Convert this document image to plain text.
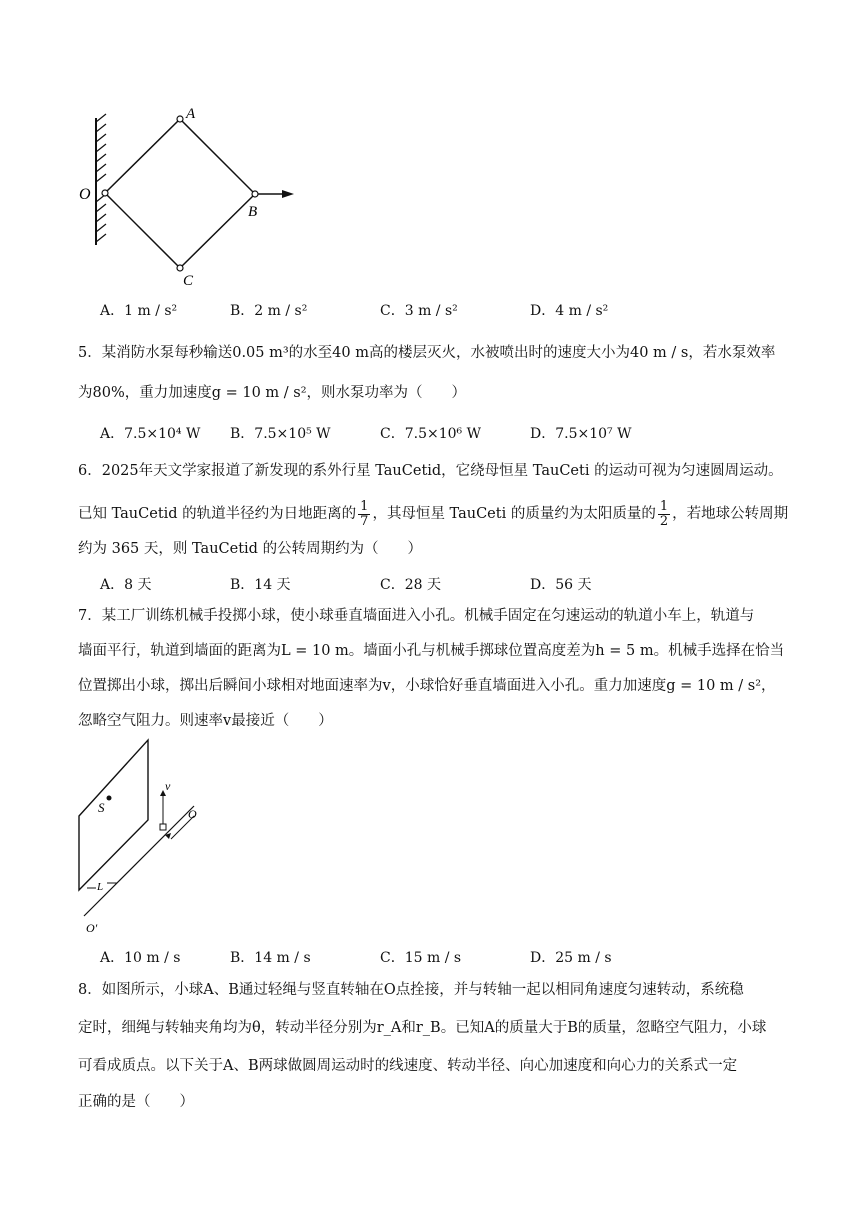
O
A
B
C
A．1 m / s²	B．2 m / s²	C．3 m / s²	D．4 m / s²
5．某消防水泵每秒输送0.05 m³的水至40 m高的楼层灭火，水被喷出时的速度大小为40 m / s，若水泵效率
为80%，重力加速度g = 10 m / s²，则水泵功率为（　　）
A．7.5×10⁴ W B．7.5×10⁵ W	C．7.5×10⁶ W	D．7.5×10⁷ W
6．2025年天文学家报道了新发现的系外行星 TauCetid，它绕母恒星 TauCeti 的运动可视为匀速圆周运动。
已知 TauCetid 的轨道半径约为日地距离的 $\frac{1}{7}$ ，其母恒星 TauCeti 的质量约为太阳质量的 $\frac{1}{2}$ ，若地球公转周期
约为 365 天，则 TauCetid 的公转周期约为（　　）
A．8 天	B．14 天	C．28 天	D．56 天
7．某工厂训练机械手投掷小球，使小球垂直墙面进入小孔。机械手固定在匀速运动的轨道小车上，轨道与
墙面平行，轨道到墙面的距离为L = 10 m。墙面小孔与机械手掷球位置高度差为h = 5 m。机械手选择在恰当
位置掷出小球，掷出后瞬间小球相对地面速率为v，小球恰好垂直墙面进入小孔。重力加速度g = 10 m / s²，
忽略空气阻力。则速率v最接近（　　）
S
v
O
L
O′
A．10 m / s	B．14 m / s	C．15 m / s	D．25 m / s
8．如图所示，小球A、B通过轻绳与竖直转轴在O点拴接，并与转轴一起以相同角速度匀速转动，系统稳
定时，细绳与转轴夹角均为θ，转动半径分别为r_A和r_B。已知A的质量大于B的质量，忽略空气阻力，小球
可看成质点。以下关于A、B两球做圆周运动时的线速度、转动半径、向心加速度和向心力的关系式一定
正确的是（　　）
